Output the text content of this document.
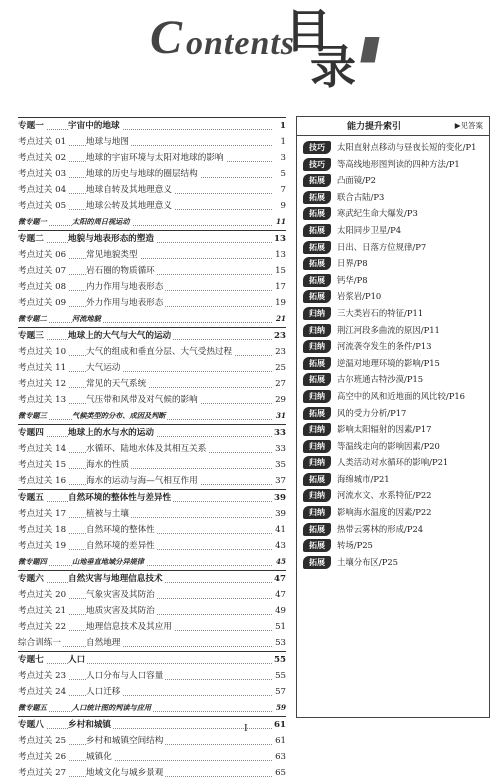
C ontents
目
录 ////
专题一	宇宙中的地球	1
考点过关 01 地球与地图	1
考点过关 02 地球的宇宙环境与太阳对地球的影响	3
考点过关 03 地球的历史与地球的圈层结构	5
考点过关 04 地球自转及其地理意义	7
考点过关 05 地球公转及其地理意义	9
微专题一	太阳的周日视运动	11
专题二	地貌与地表形态的塑造	13
考点过关 06 常见地貌类型	13
考点过关 07 岩石圈的物质循环	15
考点过关 08 内力作用与地表形态	17
考点过关 09 外力作用与地表形态	19
微专题二	河流地貌	21
专题三	地球上的大气与大气的运动	23
考点过关 10 大气的组成和垂直分层、大气受热过程	23
考点过关 11 大气运动	25
考点过关 12 常见的天气系统	27
考点过关 13 气压带和风带及对气候的影响	29
微专题三	气候类型的分布、成因及判断	31
专题四	地球上的水与水的运动	33
考点过关 14 水循环、陆地水体及其相互关系	33
考点过关 15 海水的性质	35
考点过关 16 海水的运动与海—气相互作用	37
专题五	自然环境的整体性与差异性	39
考点过关 17 植被与土壤	39
考点过关 18 自然环境的整体性	41
考点过关 19 自然环境的差异性	43
微专题四	山地垂直地域分异规律	45
专题六	自然灾害与地理信息技术	47
考点过关 20 气象灾害及其防治	47
考点过关 21 地质灾害及其防治	49
考点过关 22 地理信息技术及其应用	51
综合训练一	自然地理	53
专题七	人口	55
考点过关 23 人口分布与人口容量	55
考点过关 24 人口迁移	57
微专题五	人口统计图的判读与应用	59
专题八	乡村和城镇	61
考点过关 25 乡村和城镇空间结构	61
考点过关 26 城镇化	63
考点过关 27 地域文化与城乡景观	65
能力提升索引	▶见答案
技巧	太阳直射点移动与昼夜长短的变化/P1
技巧	等高线地形图判读的四种方法/P1
拓展	凸面镜/P2
拓展	联合古陆/P3
拓展	寒武纪生命大爆发/P3
拓展	太阳同步卫星/P4
拓展	日出、日落方位规律/P7
拓展	日界/P8
拓展	钙华/P8
拓展	岩浆岩/P10
归纳	三大类岩石的特征/P11
归纳	荆江河段多曲流的原因/P11
归纳	河流袭夺发生的条件/P13
拓展	逆温对地理环境的影响/P15
拓展	古尔班通古特沙漠/P15
归纳	高空中的风和近地面的风比较/P16
拓展	风的受力分析/P17
归纳	影响太阳辐射的因素/P17
归纳	等温线走向的影响因素/P20
归纳	人类活动对水循环的影响/P21
拓展	海绵城市/P21
归纳	河流水文、水系特征/P22
归纳	影响海水温度的因素/P22
拓展	热带云雾林的形成/P24
拓展	转场/P25
拓展	土壤分布区/P25
I
